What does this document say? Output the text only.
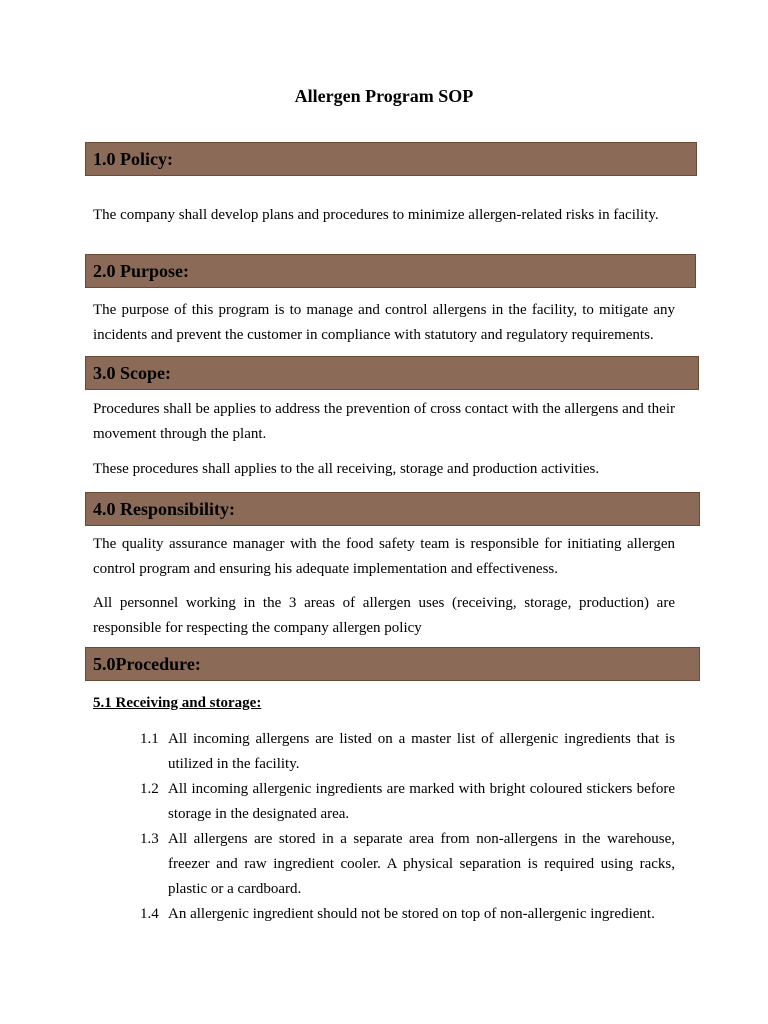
Allergen Program SOP
1.0 Policy:
The company shall develop plans and procedures to minimize allergen-related risks in facility.
2.0 Purpose:
The purpose of this program is to manage and control allergens in the facility, to mitigate any incidents and prevent the customer in compliance with statutory and regulatory requirements.
3.0 Scope:
Procedures shall be applies to address the prevention of cross contact with the allergens and their movement through the plant.
These procedures shall applies to the all receiving, storage and production activities.
4.0 Responsibility:
The quality assurance manager with the food safety team is responsible for initiating allergen control program and ensuring his adequate implementation and effectiveness.
All personnel working in the 3 areas of allergen uses (receiving, storage, production) are responsible for respecting the company allergen policy
5.0Procedure:
5.1 Receiving and storage:
1.1 All incoming allergens are listed on a master list of allergenic ingredients that is utilized in the facility.
1.2 All incoming allergenic ingredients are marked with bright coloured stickers before storage in the designated area.
1.3 All allergens are stored in a separate area from non-allergens in the warehouse, freezer and raw ingredient cooler. A physical separation is required using racks, plastic or a cardboard.
1.4 An allergenic ingredient should not be stored on top of non-allergenic ingredient.
